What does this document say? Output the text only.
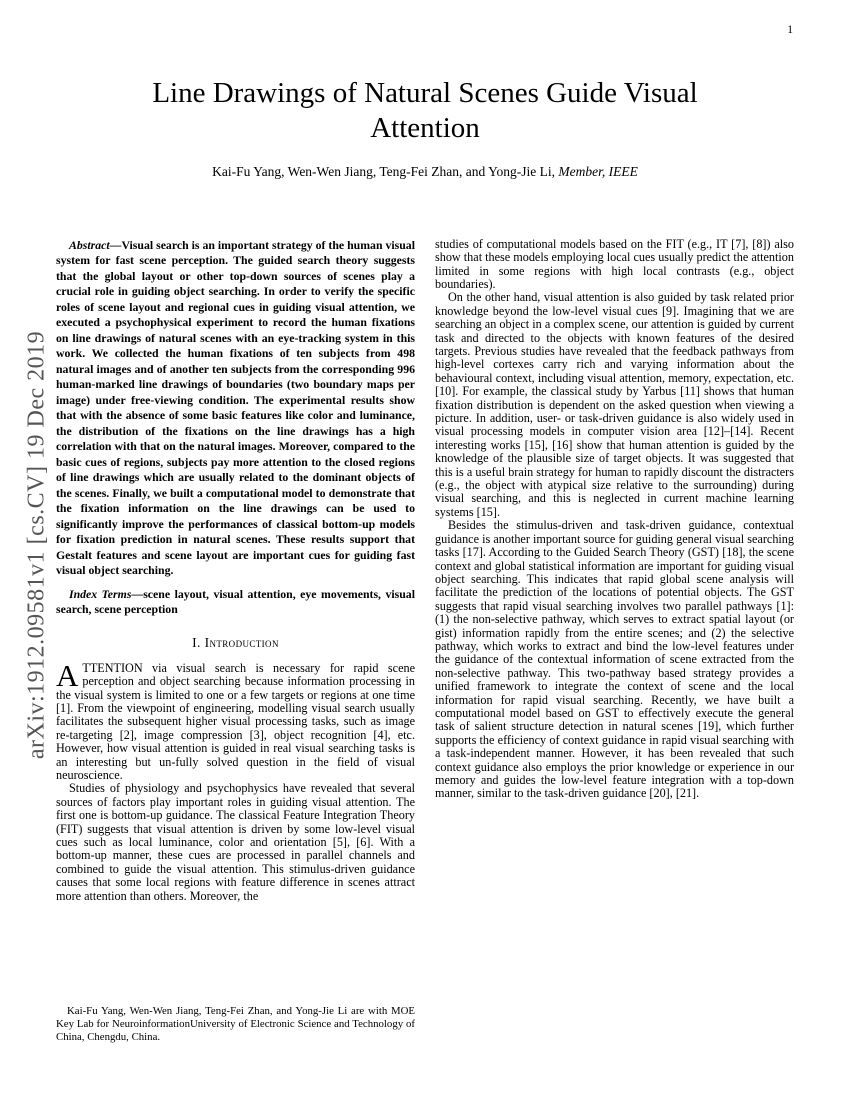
1
arXiv:1912.09581v1 [cs.CV] 19 Dec 2019
Line Drawings of Natural Scenes Guide Visual Attention
Kai-Fu Yang, Wen-Wen Jiang, Teng-Fei Zhan, and Yong-Jie Li, Member, IEEE

Abstract—Visual search is an important strategy of the human visual system for fast scene perception. The guided search theory suggests that the global layout or other top-down sources of scenes play a crucial role in guiding object searching. In order to verify the specific roles of scene layout and regional cues in guiding visual attention, we executed a psychophysical experiment to record the human fixations on line drawings of natural scenes with an eye-tracking system in this work. We collected the human fixations of ten subjects from 498 natural images and of another ten subjects from the corresponding 996 human-marked line drawings of boundaries (two boundary maps per image) under free-viewing condition. The experimental results show that with the absence of some basic features like color and luminance, the distribution of the fixations on the line drawings has a high correlation with that on the natural images. Moreover, compared to the basic cues of regions, subjects pay more attention to the closed regions of line drawings which are usually related to the dominant objects of the scenes. Finally, we built a computational model to demonstrate that the fixation information on the line drawings can be used to significantly improve the performances of classical bottom-up models for fixation prediction in natural scenes. These results support that Gestalt features and scene layout are important cues for guiding fast visual object searching.

Index Terms—scene layout, visual attention, eye movements, visual search, scene perception

I. Introduction

ATTENTION via visual search is necessary for rapid scene perception and object searching because information processing in the visual system is limited to one or a few targets or regions at one time [1]. From the viewpoint of engineering, modelling visual search usually facilitates the subsequent higher visual processing tasks, such as image re-targeting [2], image compression [3], object recognition [4], etc. However, how visual attention is guided in real visual searching tasks is an interesting but un-fully solved question in the field of visual neuroscience.

Studies of physiology and psychophysics have revealed that several sources of factors play important roles in guiding visual attention. The first one is bottom-up guidance. The classical Feature Integration Theory (FIT) suggests that visual attention is driven by some low-level visual cues such as local luminance, color and orientation [5], [6]. With a bottom-up manner, these cues are processed in parallel channels and combined to guide the visual attention. This stimulus-driven guidance causes that some local regions with feature difference in scenes attract more attention than others. Moreover, the

studies of computational models based on the FIT (e.g., IT [7], [8]) also show that these models employing local cues usually predict the attention limited in some regions with high local contrasts (e.g., object boundaries).

On the other hand, visual attention is also guided by task related prior knowledge beyond the low-level visual cues [9]. Imagining that we are searching an object in a complex scene, our attention is guided by current task and directed to the objects with known features of the desired targets. Previous studies have revealed that the feedback pathways from high-level cortexes carry rich and varying information about the behavioural context, including visual attention, memory, expectation, etc. [10]. For example, the classical study by Yarbus [11] shows that human fixation distribution is dependent on the asked question when viewing a picture. In addition, user- or task-driven guidance is also widely used in visual processing models in computer vision area [12]–[14]. Recent interesting works [15], [16] show that human attention is guided by the knowledge of the plausible size of target objects. It was suggested that this is a useful brain strategy for human to rapidly discount the distracters (e.g., the object with atypical size relative to the surrounding) during visual searching, and this is neglected in current machine learning systems [15].

Besides the stimulus-driven and task-driven guidance, contextual guidance is another important source for guiding general visual searching tasks [17]. According to the Guided Search Theory (GST) [18], the scene context and global statistical information are important for guiding visual object searching. This indicates that rapid global scene analysis will facilitate the prediction of the locations of potential objects. The GST suggests that rapid visual searching involves two parallel pathways [1]: (1) the non-selective pathway, which serves to extract spatial layout (or gist) information rapidly from the entire scenes; and (2) the selective pathway, which works to extract and bind the low-level features under the guidance of the contextual information of scene extracted from the non-selective pathway. This two-pathway based strategy provides a unified framework to integrate the context of scene and the local information for rapid visual searching. Recently, we have built a computational model based on GST to effectively execute the general task of salient structure detection in natural scenes [19], which further supports the efficiency of context guidance in rapid visual searching with a task-independent manner. However, it has been revealed that such context guidance also employs the prior knowledge or experience in our memory and guides the low-level feature integration with a top-down manner, similar to the task-driven guidance [20], [21].

Kai-Fu Yang, Wen-Wen Jiang, Teng-Fei Zhan, and Yong-Jie Li are with MOE Key Lab for NeuroinformationUniversity of Electronic Science and Technology of China, Chengdu, China.
